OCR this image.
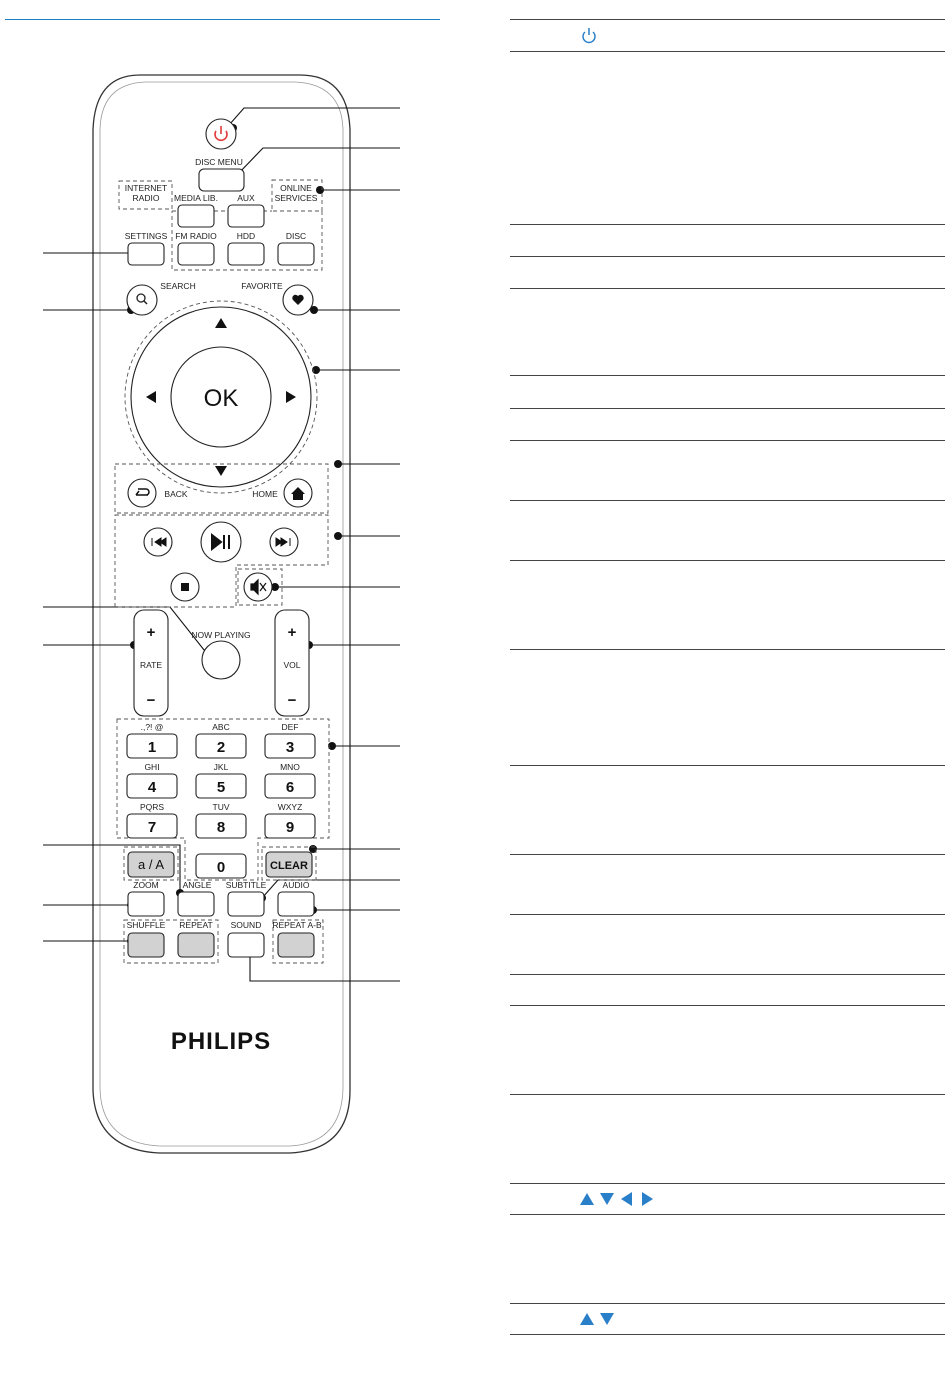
DISC MENU
INTERNET
RADIO
ONLINE
SERVICES
MEDIA LIB. AUX
SETTINGS FM RADIO HDD	DISC
SEARCH	FAVORITE
OK
BACK	HOME
+
RATE
−
NOW PLAYING +
VOL
−
1
.,?! @
2
ABC
3
DEF
4
GHI
5
JKL
6
MNO
7
PQRS
8
TUV
9
WXYZ
0
a / A	CLEAR
ZOOM	ANGLE SUBTITLE AUDIO
SHUFFLE REPEAT SOUND REPEAT A-B
PHILIPS
